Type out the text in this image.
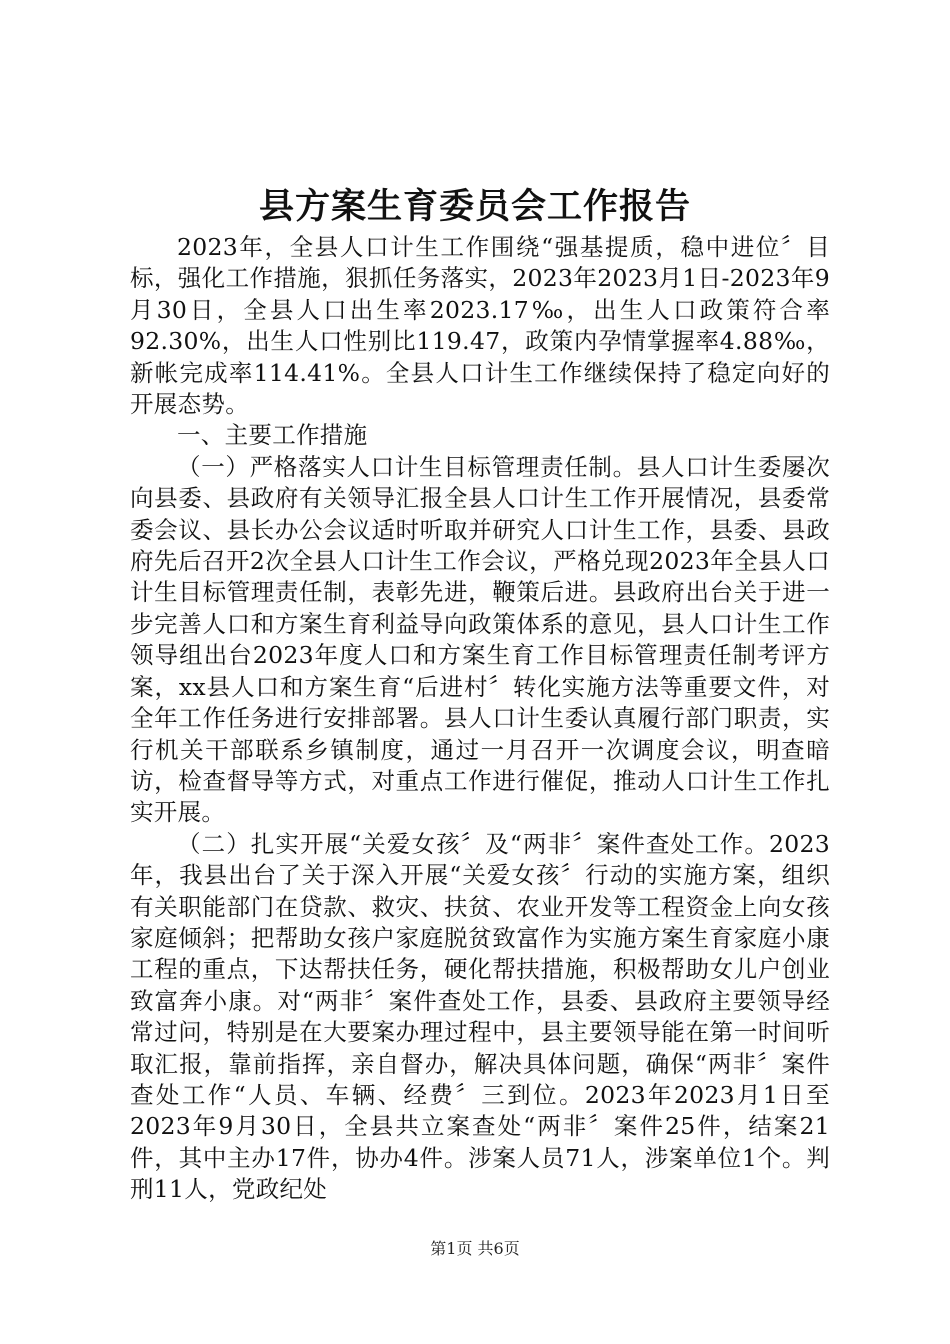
县方案生育委员会工作报告

2023年，全县人口计生工作围绕“强基提质，稳中进位〞目标，强化工作措施，狠抓任务落实，2023年2023月1日-2023年9月30日，全县人口出生率2023.17‰，出生人口政策符合率92.30%，出生人口性别比119.47，政策内孕情掌握率4.88‰，新帐完成率114.41%。全县人口计生工作继续保持了稳定向好的开展态势。

一、主要工作措施

（一）严格落实人口计生目标管理责任制。县人口计生委屡次向县委、县政府有关领导汇报全县人口计生工作开展情况，县委常委会议、县长办公会议适时听取并研究人口计生工作，县委、县政府先后召开2次全县人口计生工作会议，严格兑现2023年全县人口计生目标管理责任制，表彰先进，鞭策后进。县政府出台关于进一步完善人口和方案生育利益导向政策体系的意见，县人口计生工作领导组出台2023年度人口和方案生育工作目标管理责任制考评方案，xx县人口和方案生育“后进村〞转化实施方法等重要文件，对全年工作任务进行安排部署。县人口计生委认真履行部门职责，实行机关干部联系乡镇制度，通过一月召开一次调度会议，明查暗访，检查督导等方式，对重点工作进行催促，推动人口计生工作扎实开展。

（二）扎实开展“关爱女孩〞及“两非〞案件查处工作。2023年，我县出台了关于深入开展“关爱女孩〞行动的实施方案，组织有关职能部门在贷款、救灾、扶贫、农业开发等工程资金上向女孩家庭倾斜；把帮助女孩户家庭脱贫致富作为实施方案生育家庭小康工程的重点，下达帮扶任务，硬化帮扶措施，积极帮助女儿户创业致富奔小康。对“两非〞案件查处工作，县委、县政府主要领导经常过问，特别是在大要案办理过程中，县主要领导能在第一时间听取汇报，靠前指挥，亲自督办，解决具体问题，确保“两非〞案件查处工作“人员、车辆、经费〞三到位。2023年2023月1日至2023年9月30日，全县共立案查处“两非〞案件25件，结案21件，其中主办17件，协办4件。涉案人员71人，涉案单位1个。判刑11人，党政纪处

第1页 共6页
